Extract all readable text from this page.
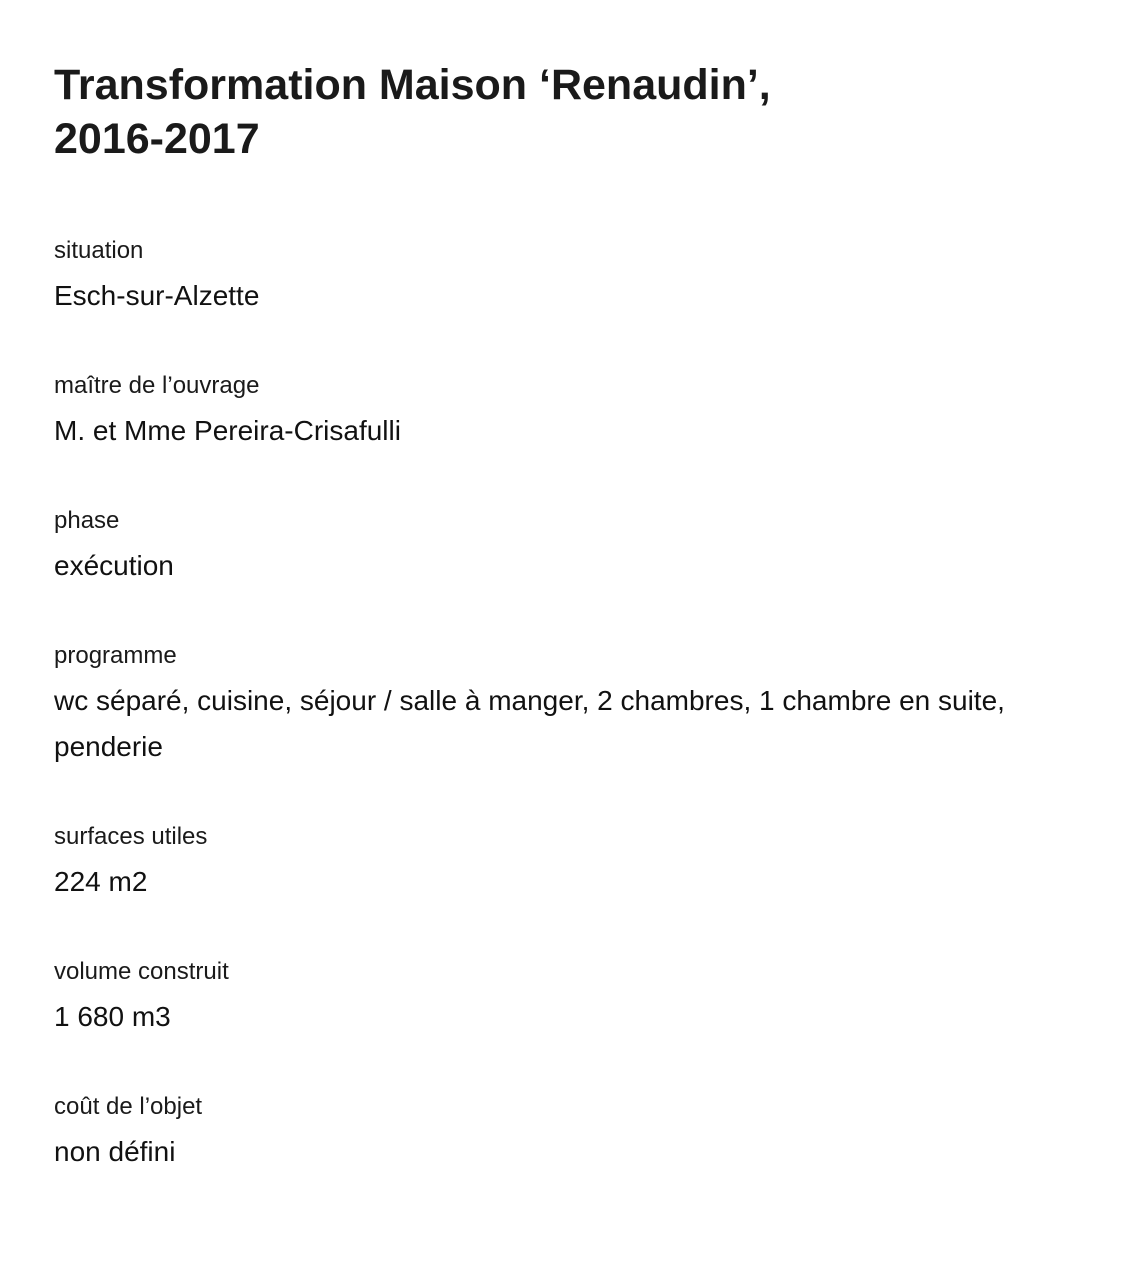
Transformation Maison ‘Renaudin’,
2016-2017
situation
Esch-sur-Alzette
maître de l’ouvrage
M. et Mme Pereira-Crisafulli
phase
exécution
programme
wc séparé, cuisine, séjour / salle à manger, 2 chambres, 1 chambre en suite, penderie
surfaces utiles
224 m2
volume construit
1 680 m3
coût de l’objet
non défini
